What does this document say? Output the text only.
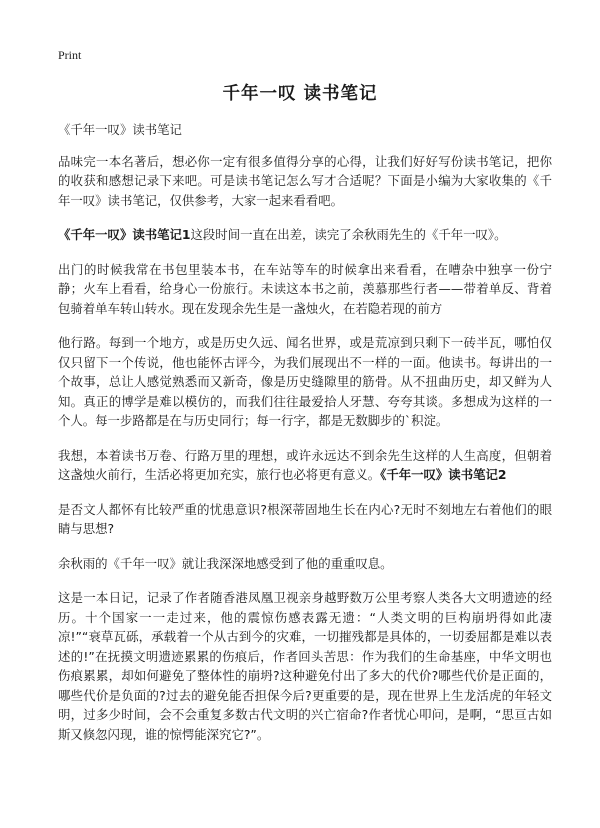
Print
千年一叹 读书笔记

《千年一叹》读书笔记

品味完一本名著后，想必你一定有很多值得分享的心得，让我们好好写份读书笔记，把你的收获和感想记录下来吧。可是读书笔记怎么写才合适呢？下面是小编为大家收集的《千年一叹》读书笔记，仅供参考，大家一起来看看吧。

《千年一叹》读书笔记1这段时间一直在出差，读完了余秋雨先生的《千年一叹》。

出门的时候我常在书包里装本书，在车站等车的时候拿出来看看，在嘈杂中独享一份宁静；火车上看看，给身心一份旅行。未读这本书之前，羡慕那些行者——带着单反、背着包骑着单车转山转水。现在发现余先生是一盏烛火，在若隐若现的前方

他行路。每到一个地方，或是历史久远、闻名世界，或是荒凉到只剩下一砖半瓦，哪怕仅仅只留下一个传说，他也能怀古评今，为我们展现出不一样的一面。他读书。每讲出的一个故事，总让人感觉熟悉而又新奇，像是历史缝隙里的筋骨。从不扭曲历史，却又鲜为人知。真正的博学是难以模仿的，而我们往往最爱拾人牙慧、夸夸其谈。多想成为这样的一个人。每一步路都是在与历史同行；每一行字，都是无数脚步的`积淀。

我想，本着读书万卷、行路万里的理想，或许永远达不到余先生这样的人生高度，但朝着这盏烛火前行，生活必将更加充实，旅行也必将更有意义。《千年一叹》读书笔记2

是否文人都怀有比较严重的忧患意识?根深蒂固地生长在内心?无时不刻地左右着他们的眼睛与思想?

余秋雨的《千年一叹》就让我深深地感受到了他的重重叹息。

这是一本日记，记录了作者随香港凤凰卫视亲身越野数万公里考察人类各大文明遗迹的经历。十个国家一一走过来，他的震惊伤感表露无遗：“人类文明的巨构崩坍得如此凄凉!”“衰草瓦砾，承载着一个从古到今的灾难，一切摧残都是具体的，一切委屈都是难以表述的!”在抚摸文明遗迹累累的伤痕后，作者回头苦思：作为我们的生命基座，中华文明也伤痕累累，却如何避免了整体性的崩坍?这种避免付出了多大的代价?哪些代价是正面的，哪些代价是负面的?过去的避免能否担保今后?更重要的是，现在世界上生龙活虎的年轻文明，过多少时间，会不会重复多数古代文明的兴亡宿命?作者忧心叩问，是啊，“思亘古如斯又倏忽闪现，谁的惊愕能深究它?”。
